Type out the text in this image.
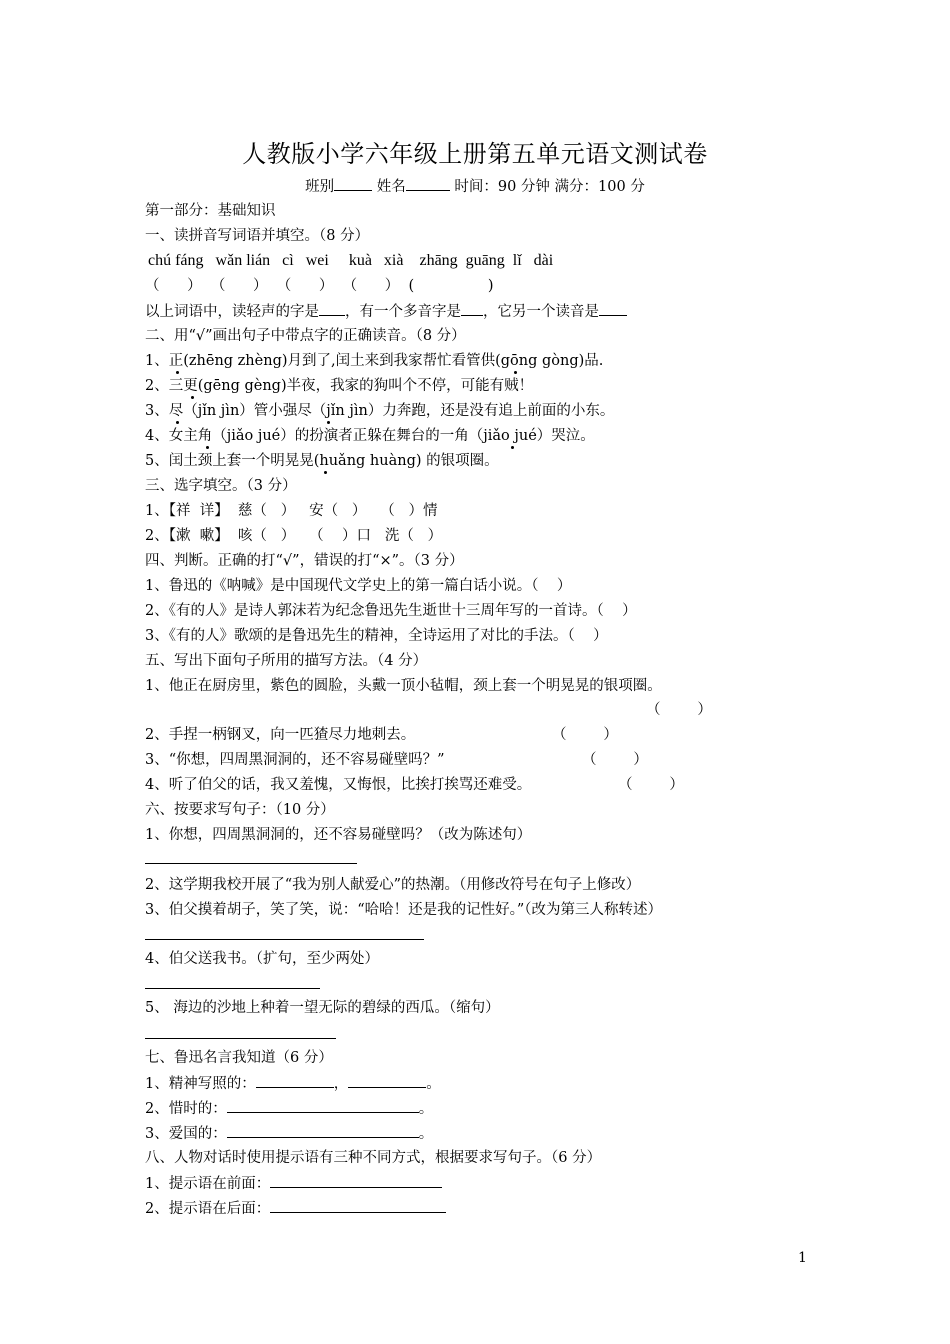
人教版小学六年级上册第五单元语文测试卷
班别	姓名	时间：90 分钟 满分：100 分
第一部分：基础知识
一、读拼音写词语并填空。（8 分）
chú fáng   wǎn lián   cì   wei     kuà   xià    zhāng  guāng  lǐ   dài
（      ）  （      ）  （      ）  （      ）  (                )
以上词语中，读轻声的字是 ，有一个多音字是 ，它另一个读音是
二、用“√”画出句子中带点字的正确读音。（8 分）
1、正(zhēng zhèng)月到了,闰土来到我家帮忙看管供(gōng gòng)品.
2、三更(gēng gèng)半夜，我家的狗叫个不停，可能有贼！
3、尽（jǐn jìn）管小强尽（jǐn jìn）力奔跑，还是没有追上前面的小东。
4、女主角（jiǎo jué）的扮演者正躲在舞台的一角（jiǎo jué）哭泣。
5、闰土颈上套一个明晃晃(huǎng huàng) 的银项圈。
三、选字填空。（3 分）
1、【祥  详】  慈（   ）   安（   ）   （   ）情
2、【漱  嗽】  咳（   ）   （    ）口   洗（   ）
四、判断。正确的打“√”，错误的打“×”。（3 分）
1、鲁迅的《呐喊》是中国现代文学史上的第一篇白话小说。（    ）
2、《有的人》是诗人郭沫若为纪念鲁迅先生逝世十三周年写的一首诗。（    ）
3、《有的人》歌颂的是鲁迅先生的精神，全诗运用了对比的手法。（    ）
五、写出下面句子所用的描写方法。（4 分）
1、他正在厨房里，紫色的圆脸，头戴一顶小毡帽，颈上套一个明晃晃的银项圈。
（        ）
2、手捏一柄钢叉，向一匹猹尽力地刺去。	（        ）
3、“你想，四周黑洞洞的，还不容易碰壁吗？”	（        ）
4、听了伯父的话，我又羞愧，又悔恨，比挨打挨骂还难受。	（        ）
六、按要求写句子：（10 分）
1、你想，四周黑洞洞的，还不容易碰壁吗？（改为陈述句）
2、这学期我校开展了“我为别人献爱心”的热潮。（用修改符号在句子上修改）
3、伯父摸着胡子，笑了笑，说：“哈哈！还是我的记性好。”（改为第三人称转述）
4、伯父送我书。（扩句，至少两处）
5、 海边的沙地上种着一望无际的碧绿的西瓜。（缩句）
七、鲁迅名言我知道（6 分）
1、精神写照的：	，	。
2、惜时的：	。
3、爱国的：	。
八、人物对话时使用提示语有三种不同方式，根据要求写句子。（6 分）
1、提示语在前面：
2、提示语在后面：
1
